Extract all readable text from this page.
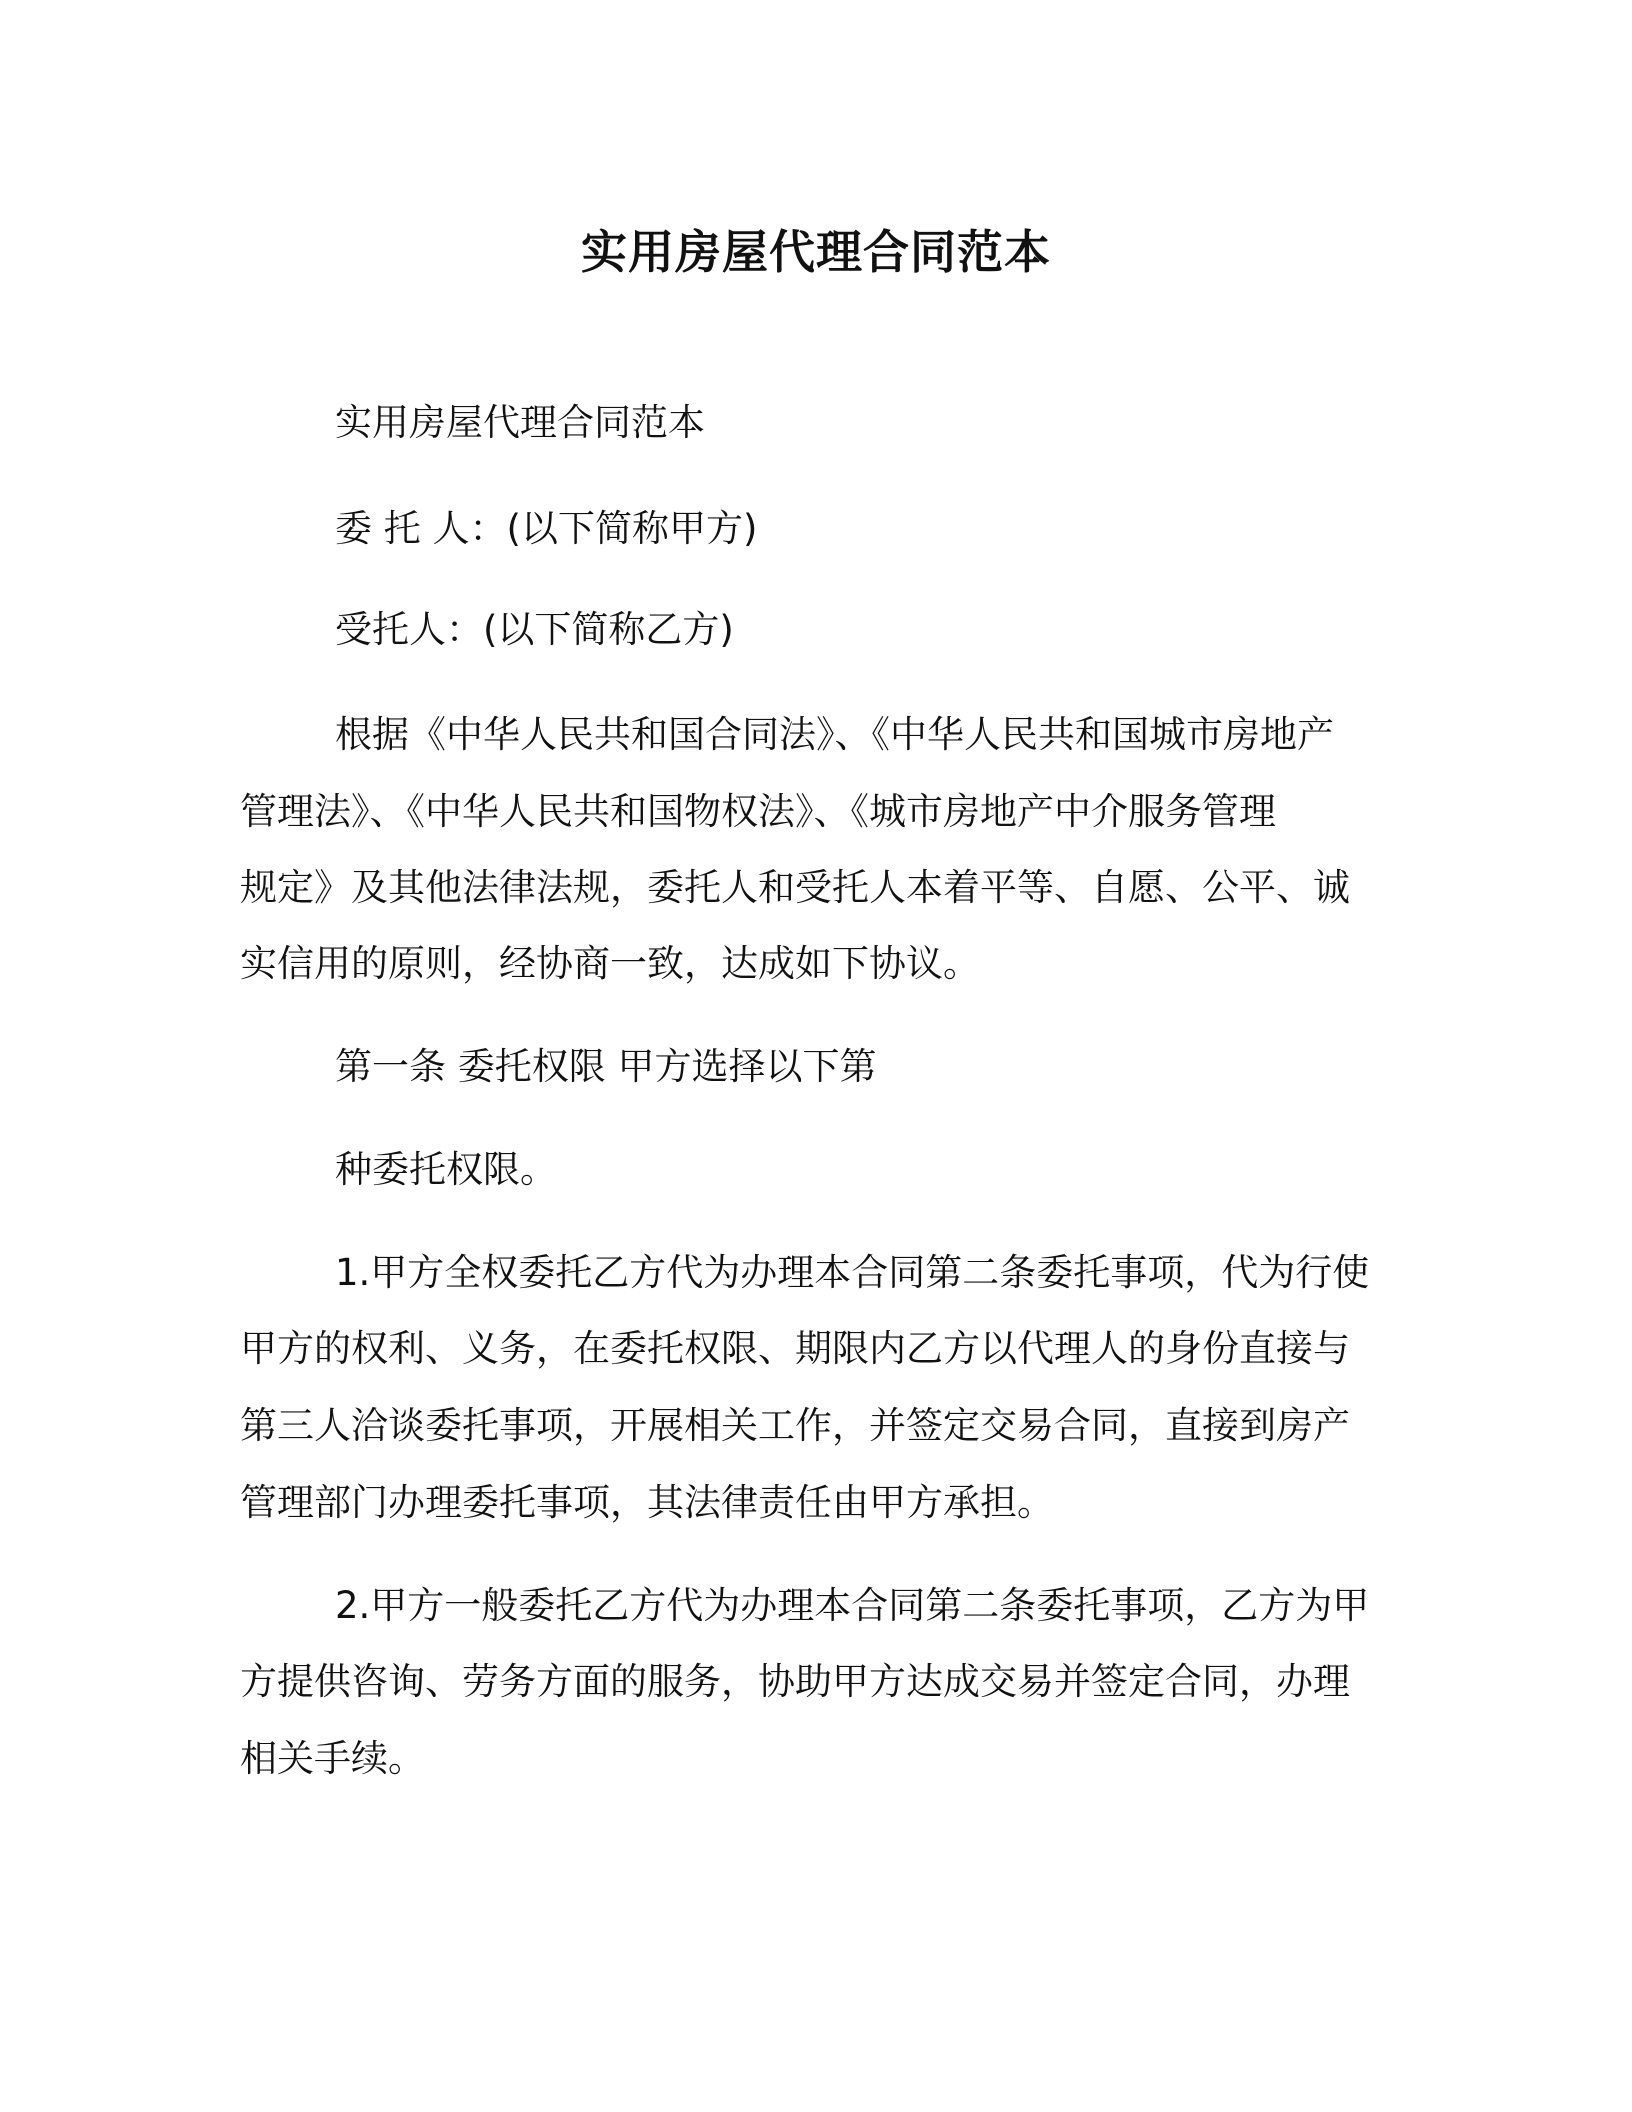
实用房屋代理合同范本
实用房屋代理合同范本
委 托 人：(以下简称甲方)
受托人：(以下简称乙方)
根据《中华人民共和国合同法》、《中华人民共和国城市房地产
管理法》、《中华人民共和国物权法》、《城市房地产中介服务管理
规定》及其他法律法规，委托人和受托人本着平等、自愿、公平、诚
实信用的原则，经协商一致，达成如下协议。
第一条 委托权限 甲方选择以下第
种委托权限。
1.甲方全权委托乙方代为办理本合同第二条委托事项，代为行使
甲方的权利、义务，在委托权限、期限内乙方以代理人的身份直接与
第三人洽谈委托事项，开展相关工作，并签定交易合同，直接到房产
管理部门办理委托事项，其法律责任由甲方承担。
2.甲方一般委托乙方代为办理本合同第二条委托事项，乙方为甲
方提供咨询、劳务方面的服务，协助甲方达成交易并签定合同，办理
相关手续。
